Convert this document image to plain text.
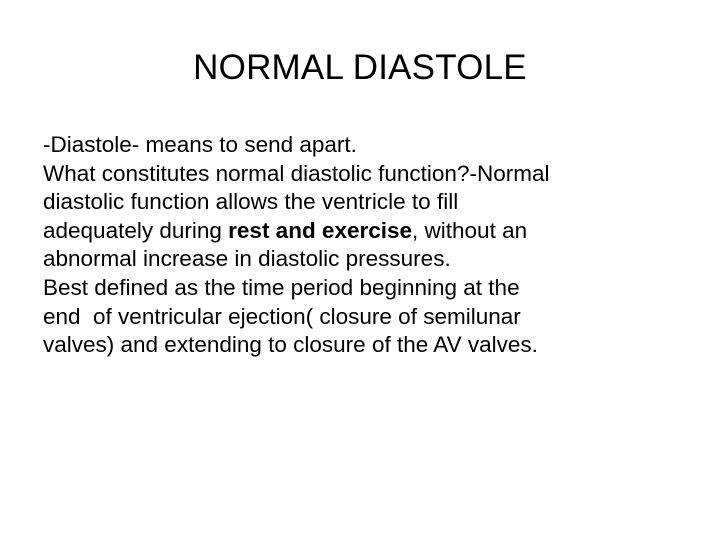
NORMAL DIASTOLE
-Diastole- means to send apart.
What constitutes normal diastolic function?-Normal
diastolic function allows the ventricle to fill
adequately during rest and exercise, without an
abnormal increase in diastolic pressures.
Best defined as the time period beginning at the
end  of ventricular ejection( closure of semilunar
valves) and extending to closure of the AV valves.
